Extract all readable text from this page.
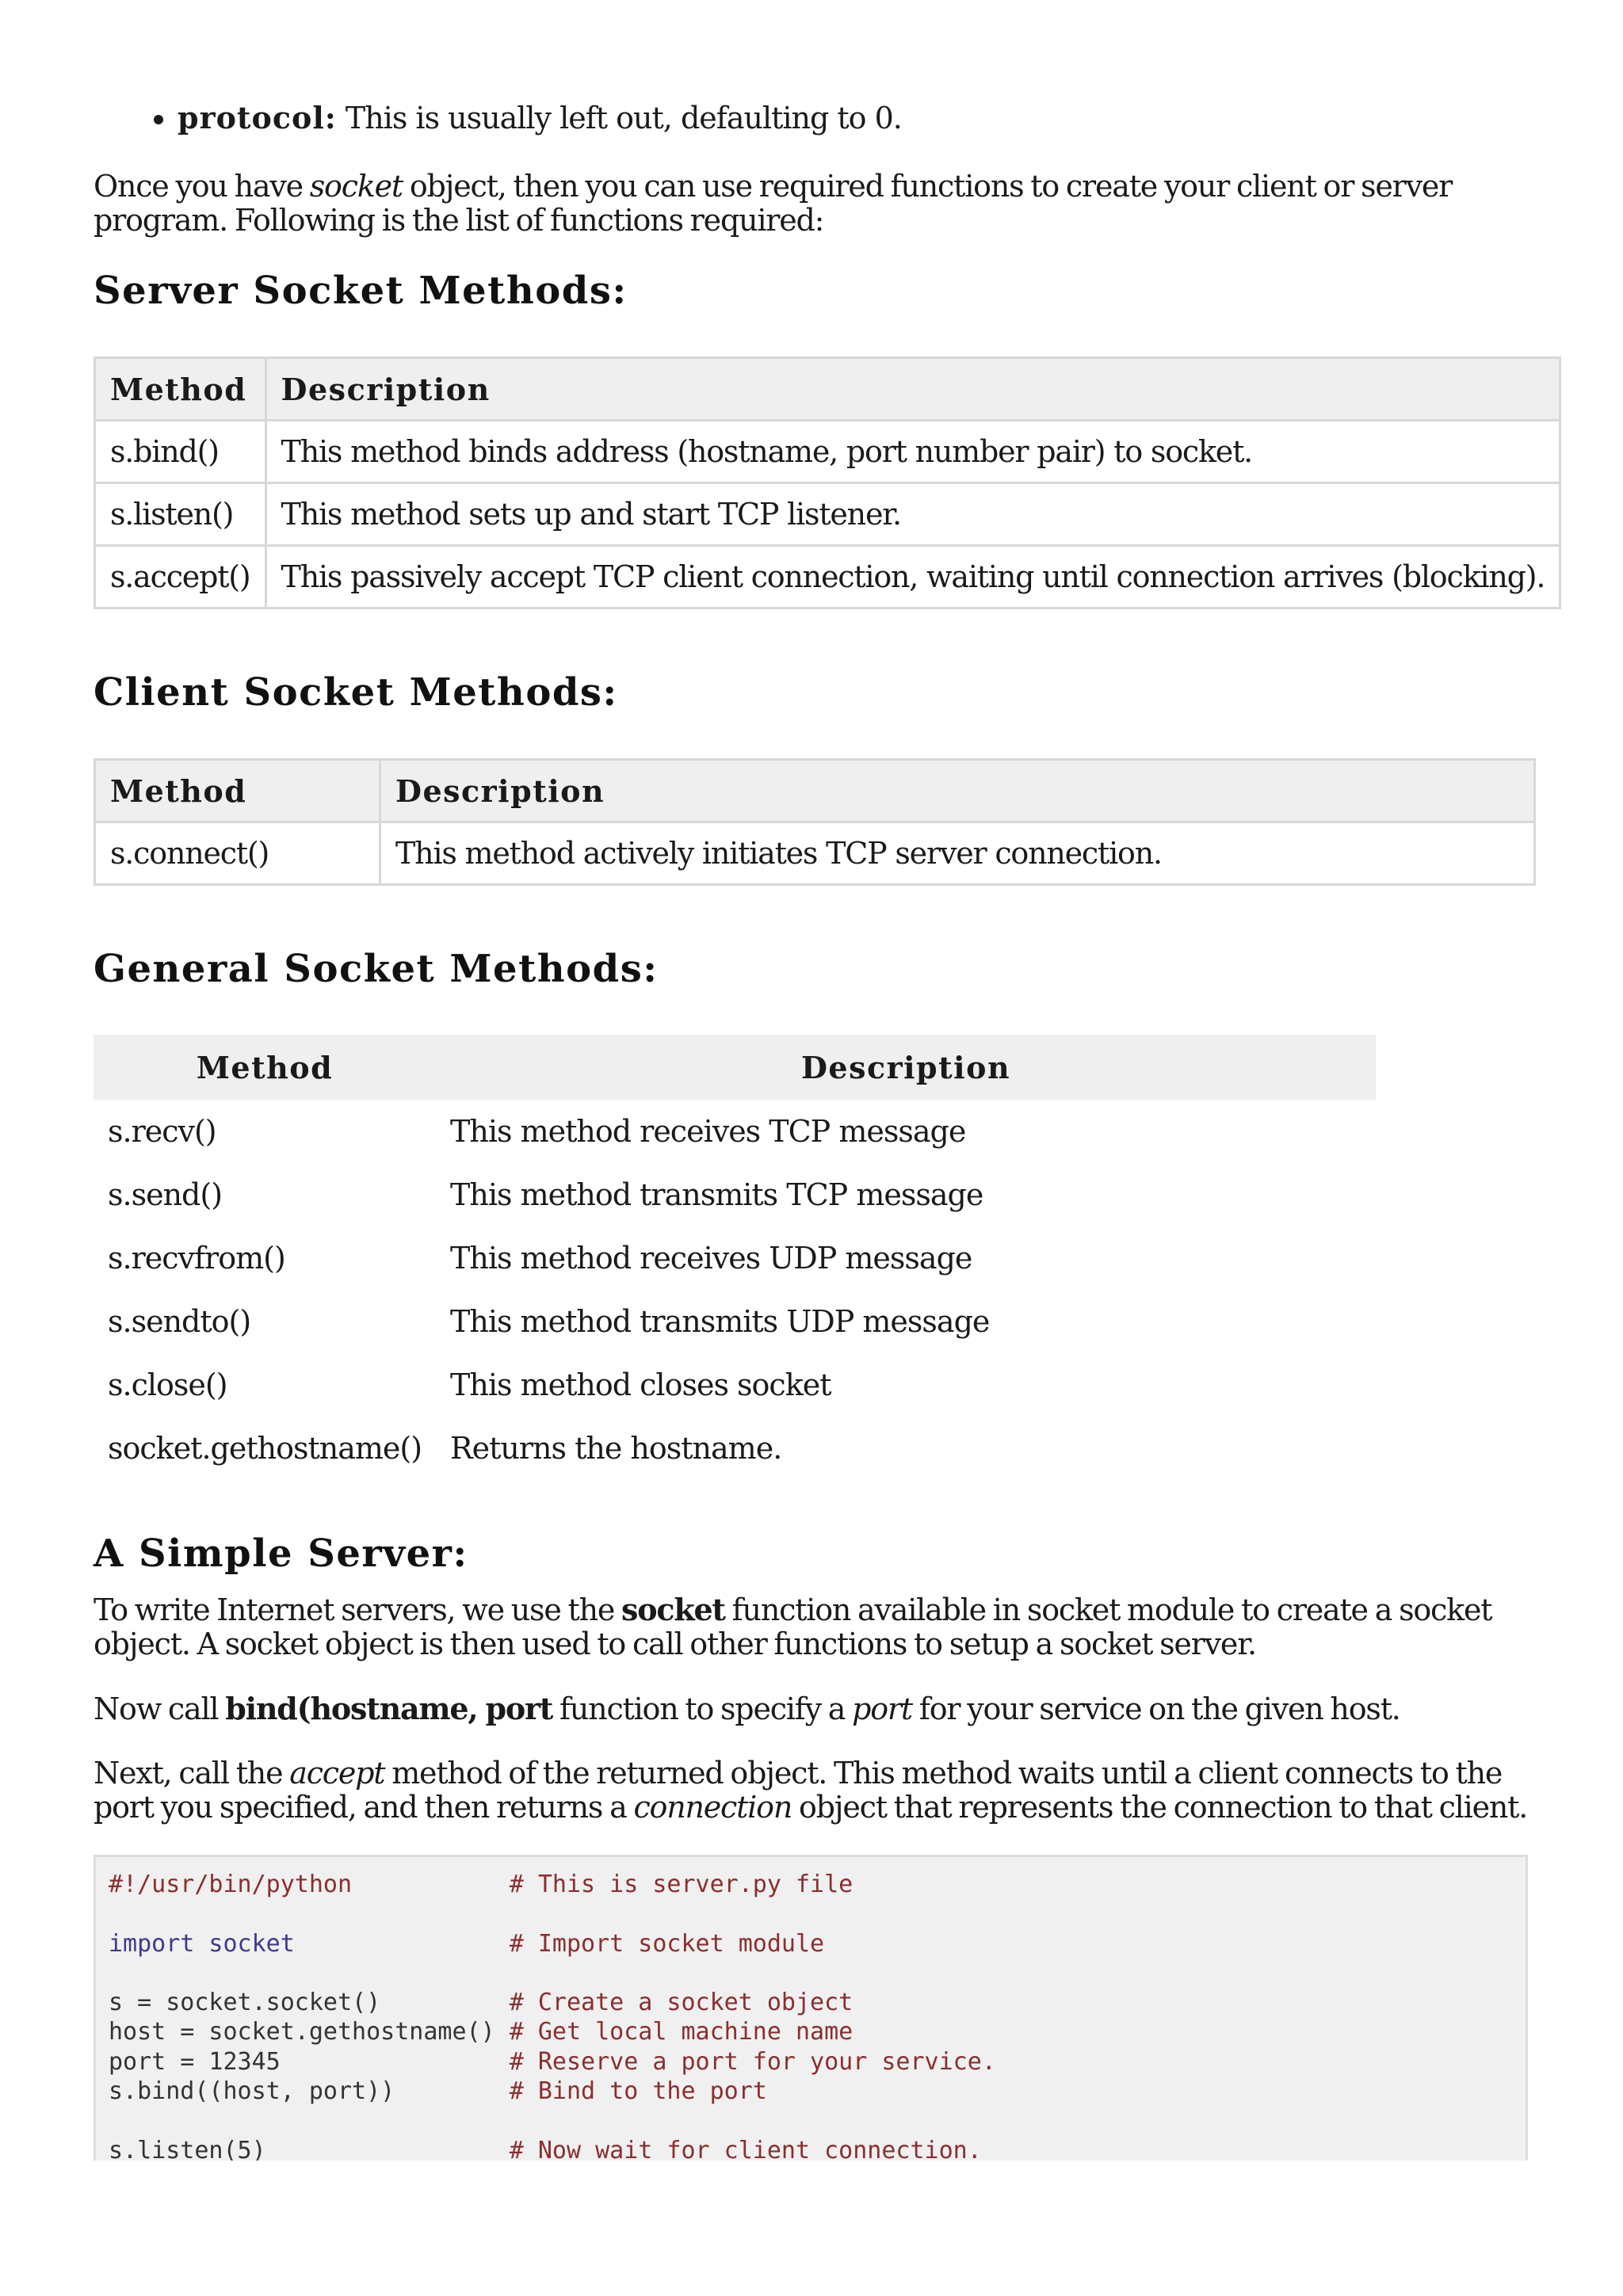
• protocol: This is usually left out, defaulting to 0.

Once you have socket object, then you can use required functions to create your client or server program. Following is the list of functions required:

Server Socket Methods:
Method	Description
s.bind()	This method binds address (hostname, port number pair) to socket.
s.listen()	This method sets up and start TCP listener.
s.accept()	This passively accept TCP client connection, waiting until connection arrives (blocking).
Client Socket Methods:
Method	Description
s.connect()	This method actively initiates TCP server connection.
General Socket Methods:
Method	Description
s.recv()	This method receives TCP message
s.send()	This method transmits TCP message
s.recvfrom()	This method receives UDP message
s.sendto()	This method transmits UDP message
s.close()	This method closes socket
socket.gethostname()	Returns the hostname.
A Simple Server:

To write Internet servers, we use the socket function available in socket module to create a socket object. A socket object is then used to call other functions to setup a socket server.

Now call bind(hostname, port function to specify a port for your service on the given host.

Next, call the accept method of the returned object. This method waits until a client connects to the port you specified, and then returns a connection object that represents the connection to that client.

#!/usr/bin/python           # This is server.py file

import socket               # Import socket module

s = socket.socket()         # Create a socket object
host = socket.gethostname() # Get local machine name
port = 12345                # Reserve a port for your service.
s.bind((host, port))        # Bind to the port

s.listen(5)                 # Now wait for client connection.
